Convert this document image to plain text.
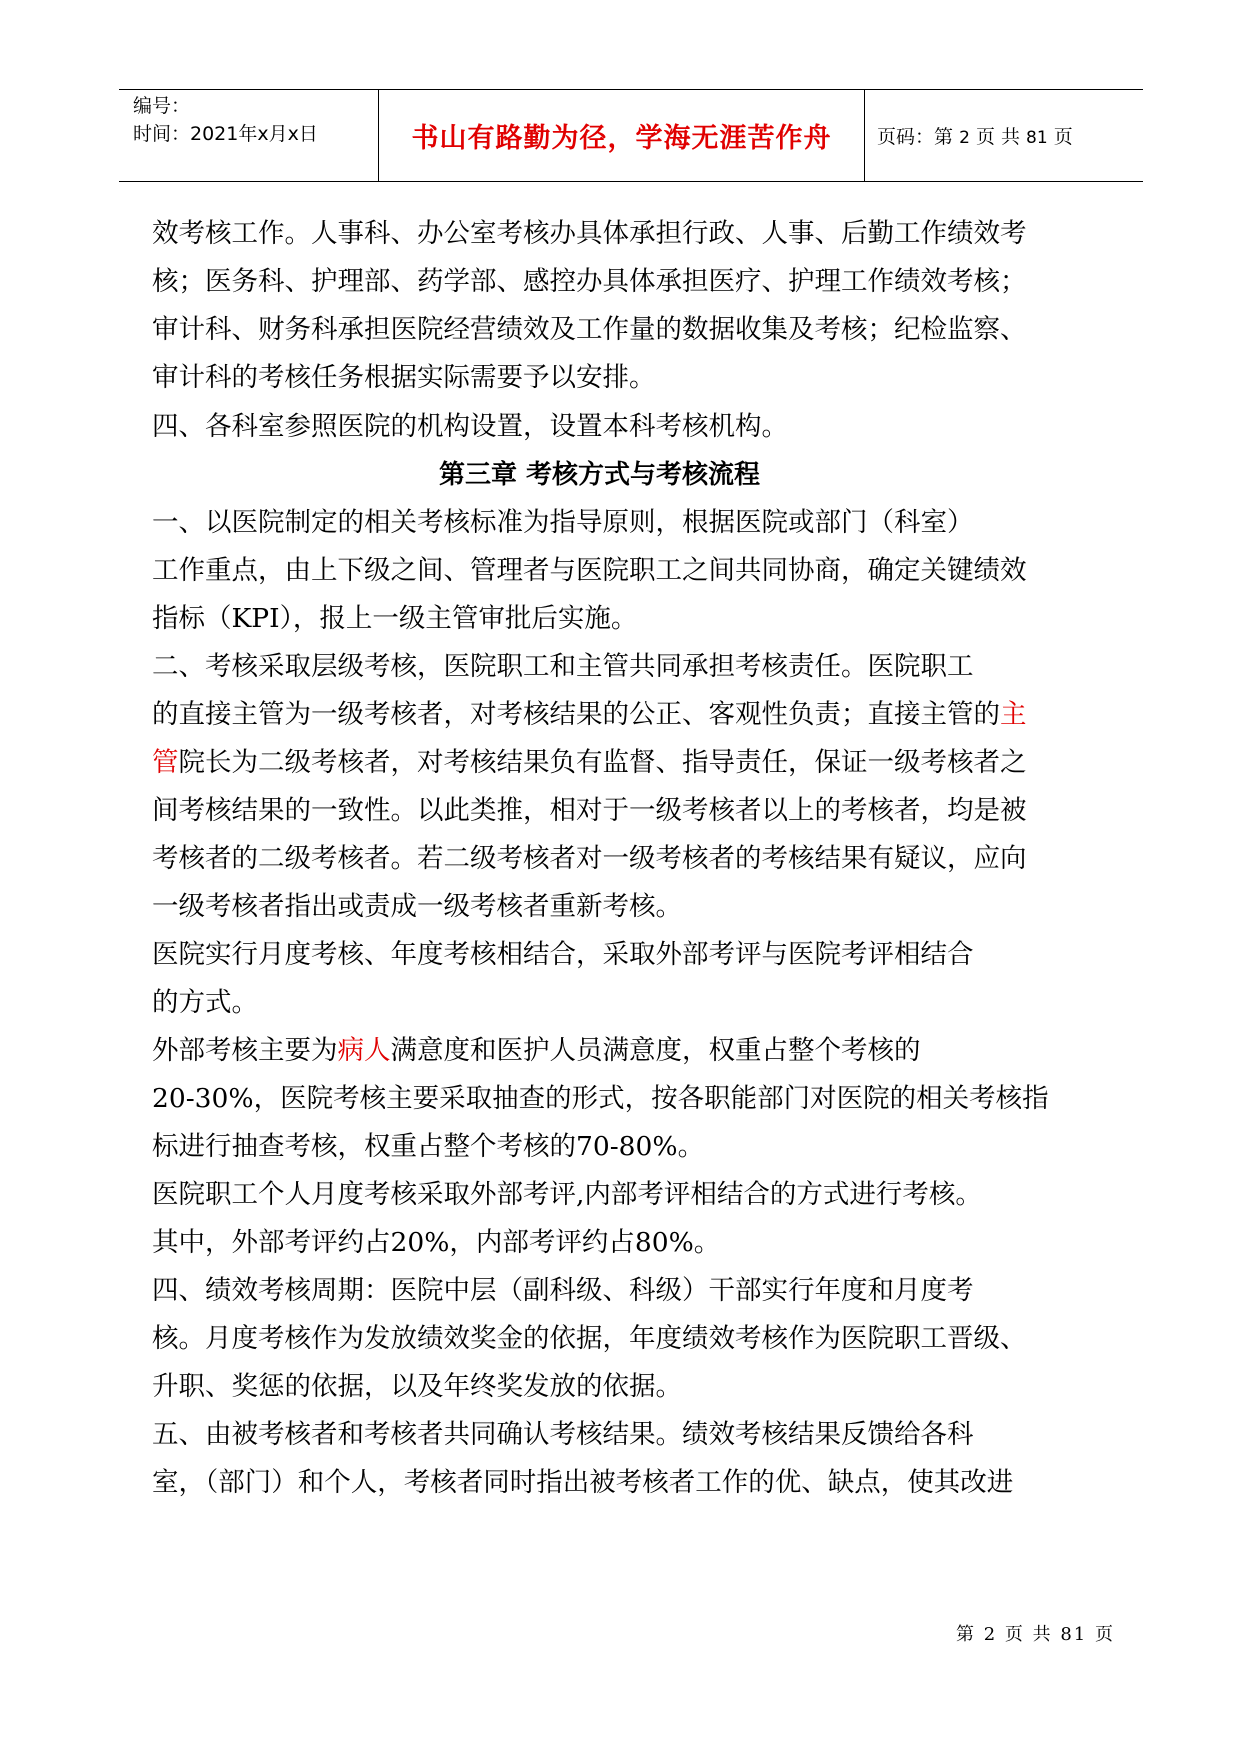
编号：
时间：2021年x月x日	书山有路勤为径，学海无涯苦作舟 页码：第 2 页 共 81 页
效考核工作。人事科、办公室考核办具体承担行政、人事、后勤工作绩效考
核；医务科、护理部、药学部、感控办具体承担医疗、护理工作绩效考核；
审计科、财务科承担医院经营绩效及工作量的数据收集及考核；纪检监察、
审计科的考核任务根据实际需要予以安排。
四、各科室参照医院的机构设置，设置本科考核机构。
第三章 考核方式与考核流程
一、以医院制定的相关考核标准为指导原则，根据医院或部门（科室）
工作重点，由上下级之间、管理者与医院职工之间共同协商，确定关键绩效
指标（KPI），报上一级主管审批后实施。
二、考核采取层级考核，医院职工和主管共同承担考核责任。医院职工
的直接主管为一级考核者，对考核结果的公正、客观性负责；直接主管的主
管院长为二级考核者，对考核结果负有监督、指导责任，保证一级考核者之
间考核结果的一致性。以此类推，相对于一级考核者以上的考核者，均是被
考核者的二级考核者。若二级考核者对一级考核者的考核结果有疑议，应向
一级考核者指出或责成一级考核者重新考核。
医院实行月度考核、年度考核相结合，采取外部考评与医院考评相结合
的方式。
外部考核主要为病人满意度和医护人员满意度，权重占整个考核的
20-30%，医院考核主要采取抽查的形式，按各职能部门对医院的相关考核指
标进行抽查考核，权重占整个考核的70-80%。
医院职工个人月度考核采取外部考评,内部考评相结合的方式进行考核。
其中，外部考评约占20%，内部考评约占80%。
四、绩效考核周期：医院中层（副科级、科级）干部实行年度和月度考
核。月度考核作为发放绩效奖金的依据，年度绩效考核作为医院职工晋级、
升职、奖惩的依据，以及年终奖发放的依据。
五、由被考核者和考核者共同确认考核结果。绩效考核结果反馈给各科
室，（部门）和个人，考核者同时指出被考核者工作的优、缺点，使其改进
第 2 页 共 81 页
